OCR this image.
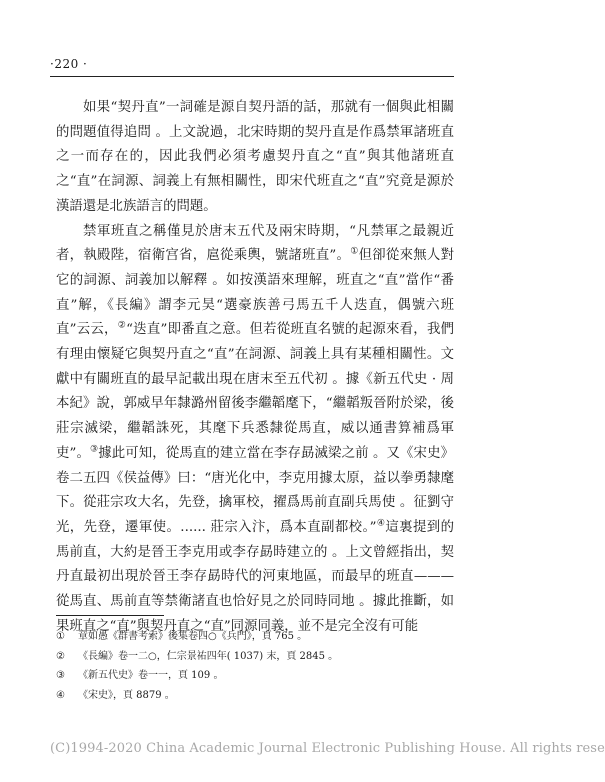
·220 ·

如果“契丹直”一詞確是源自契丹語的話，那就有一個與此相關的問題值得追問 。上文說過，北宋時期的契丹直是作爲禁軍諸班直之一而存在的，因此我們必須考慮契丹直之“直”與其他諸班直之“直”在詞源、詞義上有無相關性，即宋代班直之“直”究竟是源於漢語還是北族語言的問題。

禁軍班直之稱僅見於唐末五代及兩宋時期，“凡禁軍之最親近者，執殿陛，宿衛宫省，扈從乘輿，號諸班直”。①但卻從來無人對它的詞源、詞義加以解釋 。如按漢語來理解，班直之“直”當作“番直”解，《長編》謂李元昊“選豪族善弓馬五千人迭直，偶號六班直”云云，②“迭直”即番直之意。但若從班直名號的起源來看，我們有理由懷疑它與契丹直之“直”在詞源、詞義上具有某種相關性。文獻中有關班直的最早記載出現在唐末至五代初 。據《新五代史 · 周本紀》說，郭威早年隸潞州留後李繼韜麾下，“繼韜叛晉附於梁，後莊宗滅梁，繼韜誅死，其麾下兵悉隸從馬直，威以通書算補爲軍吏”。③據此可知，從馬直的建立當在李存勗滅梁之前 。又《宋史》卷二五四《侯益傳》曰：“唐光化中，李克用據太原，益以拳勇隸麾下。從莊宗攻大名，先登，擒軍校，擢爲馬前直副兵馬使 。征劉守光，先登，遷軍使。...... 莊宗入汴，爲本直副都校。”④這裏提到的馬前直，大約是晉王李克用或李存勗時建立的 。上文曾經指出，契丹直最初出現於晉王李存勗時代的河東地區，而最早的班直———從馬直、馬前直等禁衛諸直也恰好見之於同時同地 。據此推斷，如果班直之“直”與契丹直之“直”同源同義，並不是完全沒有可能

① 章如愚《群書考索》後集卷四○《兵門》，頁 765 。
② 《長編》卷一二○，仁宗景祐四年( 1037) 末，頁 2845 。
③ 《新五代史》卷一一，頁 109 。
④ 《宋史》，頁 8879 。
(C)1994-2020 China Academic Journal Electronic Publishing House. All rights rese
